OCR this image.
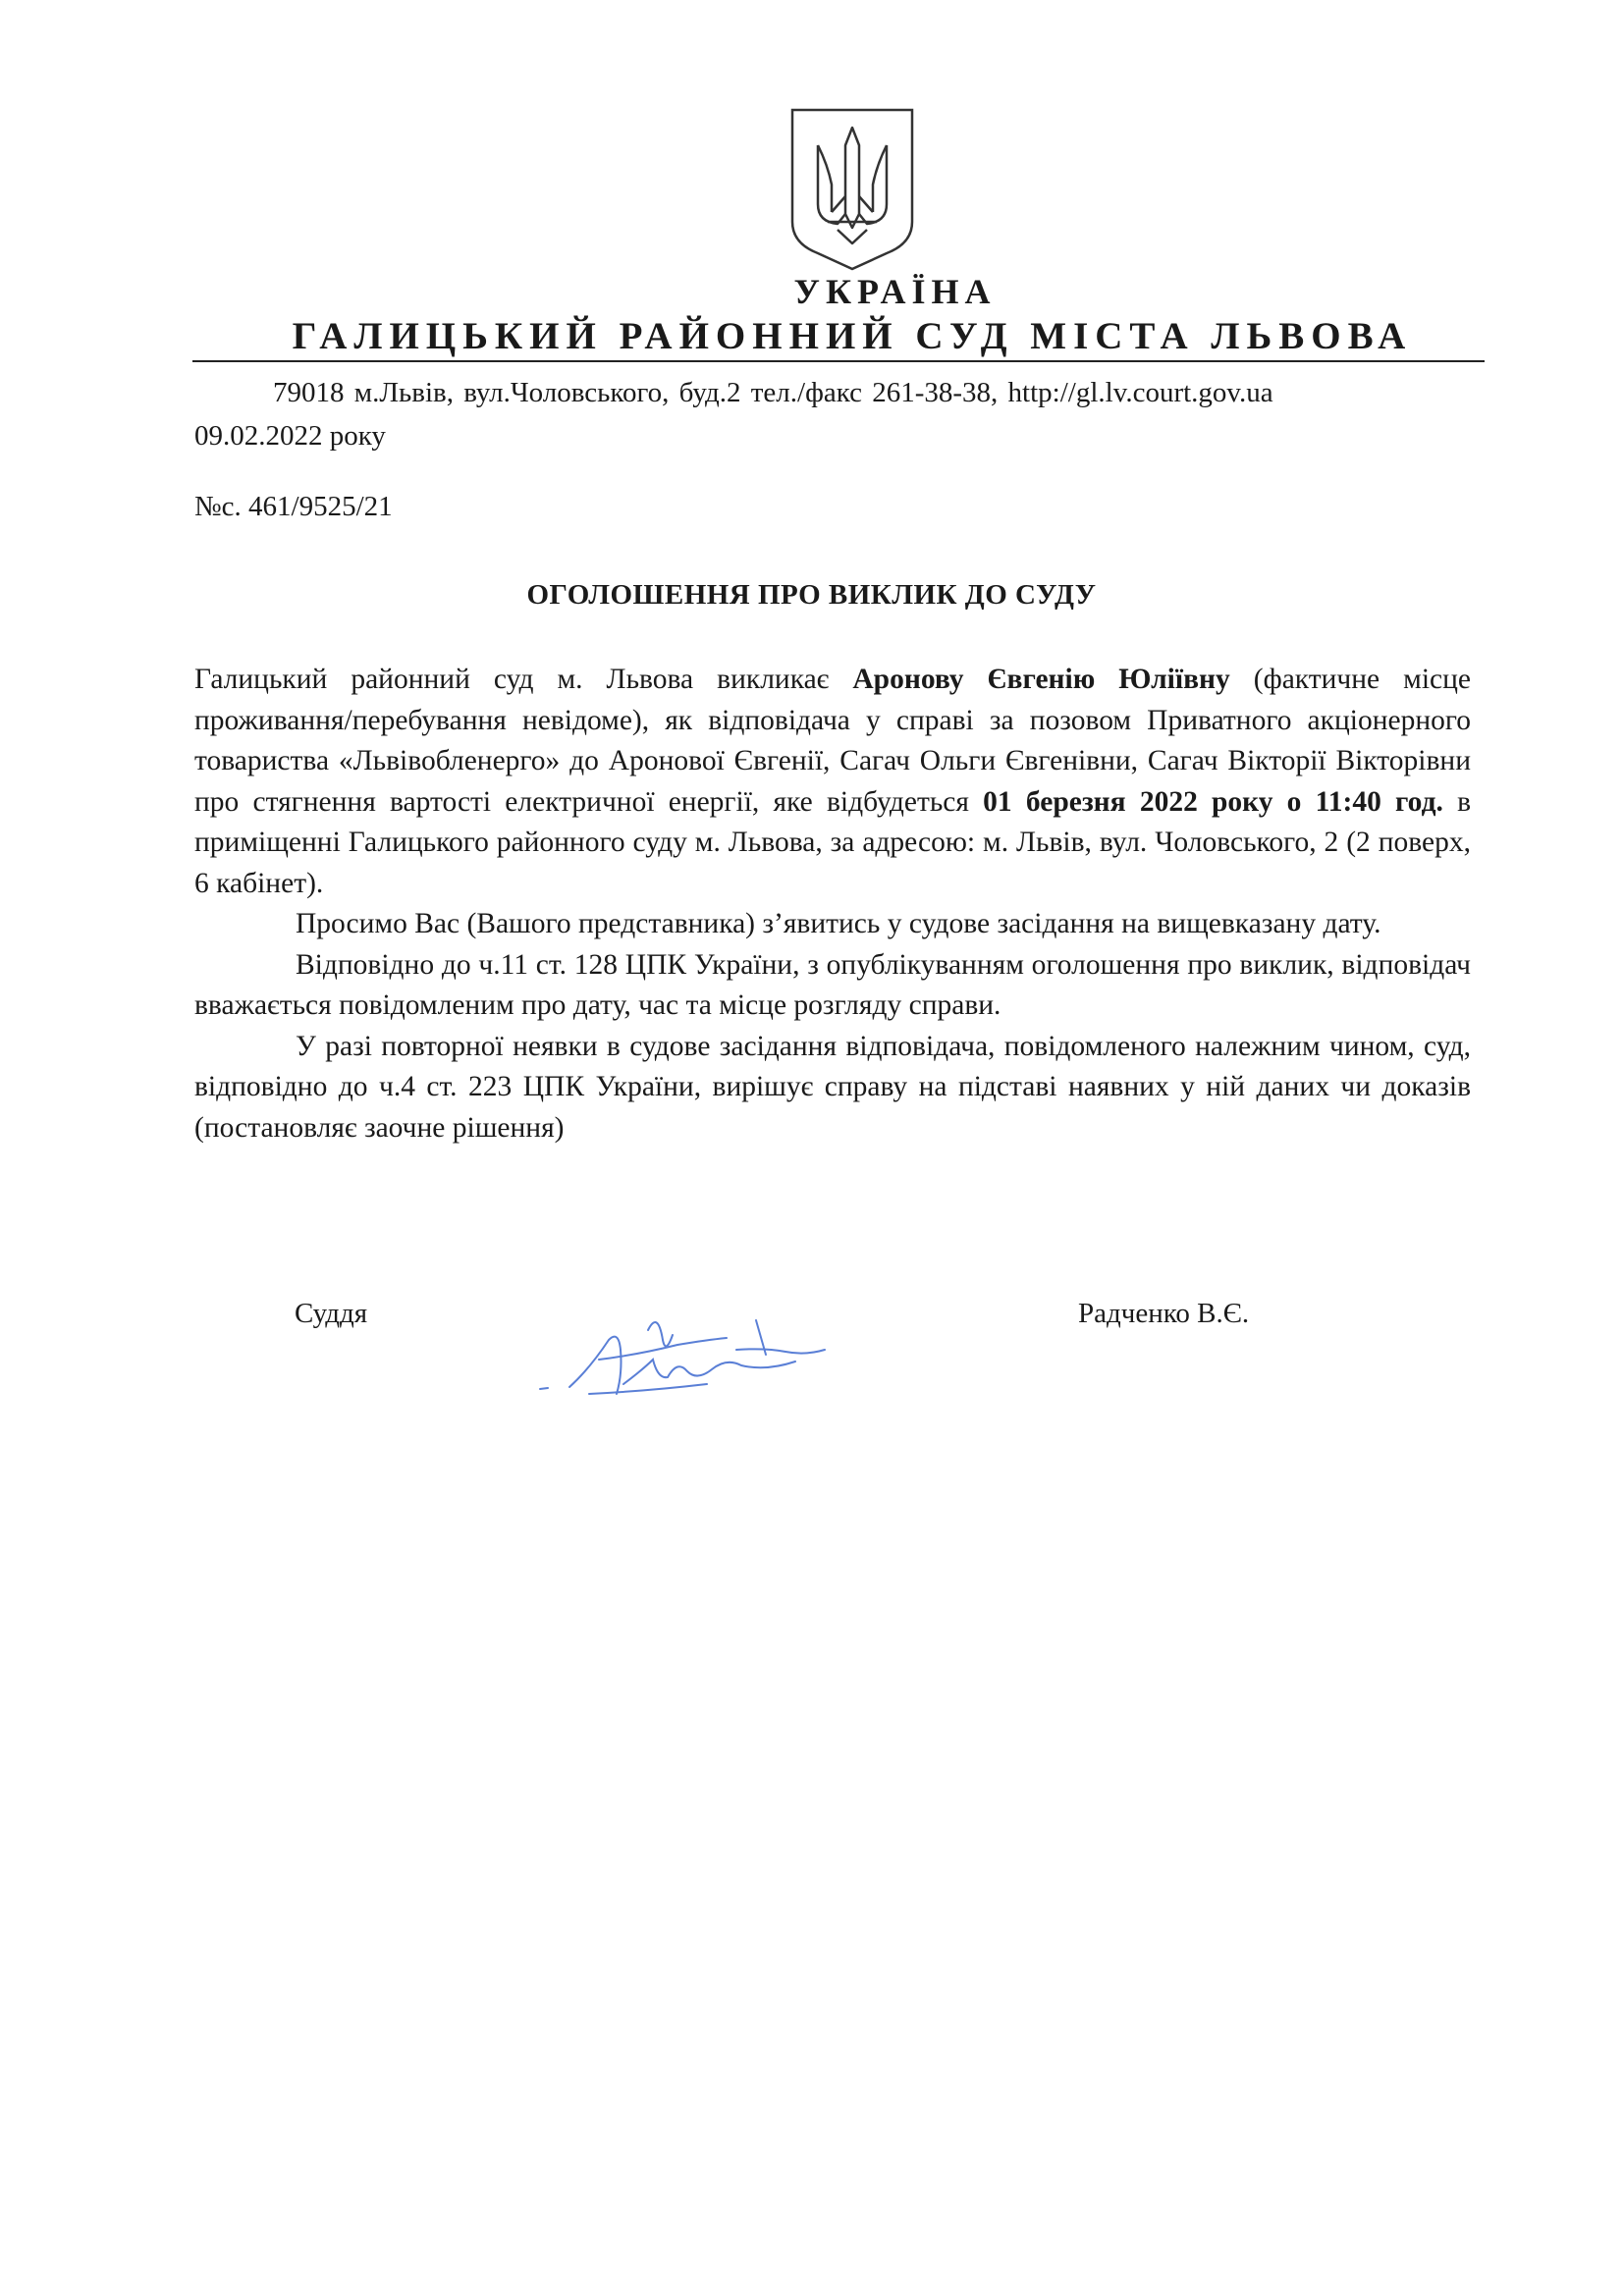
УКРАЇНА
ГАЛИЦЬКИЙ РАЙОННИЙ СУД МІСТА ЛЬВОВА
79018 м.Львів, вул.Чоловського, буд.2 тел./факс 261-38-38, http://gl.lv.court.gov.ua
09.02.2022 року
№с. 461/9525/21
ОГОЛОШЕННЯ ПРО ВИКЛИК ДО СУДУ

Галицький районний суд м. Львова викликає Аронову Євгенію Юліївну (фактичне місце проживання/перебування невідоме), як відповідача у справі за позовом Приватного акціонерного товариства «Львівобленерго» до Аронової Євгенії, Сагач Ольги Євгенівни, Сагач Вікторії Вікторівни про стягнення вартості електричної енергії, яке відбудеться 01 березня 2022 року о 11:40 год. в приміщенні Галицького районного суду м. Львова, за адресою: м. Львів, вул. Чоловського, 2 (2 поверх, 6 кабінет).

Просимо Вас (Вашого представника) з’явитись у судове засідання на вищевказану дату.

Відповідно до ч.11 ст. 128 ЦПК України, з опублікуванням оголошення про виклик, відповідач вважається повідомленим про дату, час та місце розгляду справи.

У разі повторної неявки в судове засідання відповідача, повідомленого належним чином, суд, відповідно до ч.4 ст. 223 ЦПК України, вирішує справу на підставі наявних у ній даних чи доказів (постановляє заочне рішення)

Суддя	Радченко В.Є.
